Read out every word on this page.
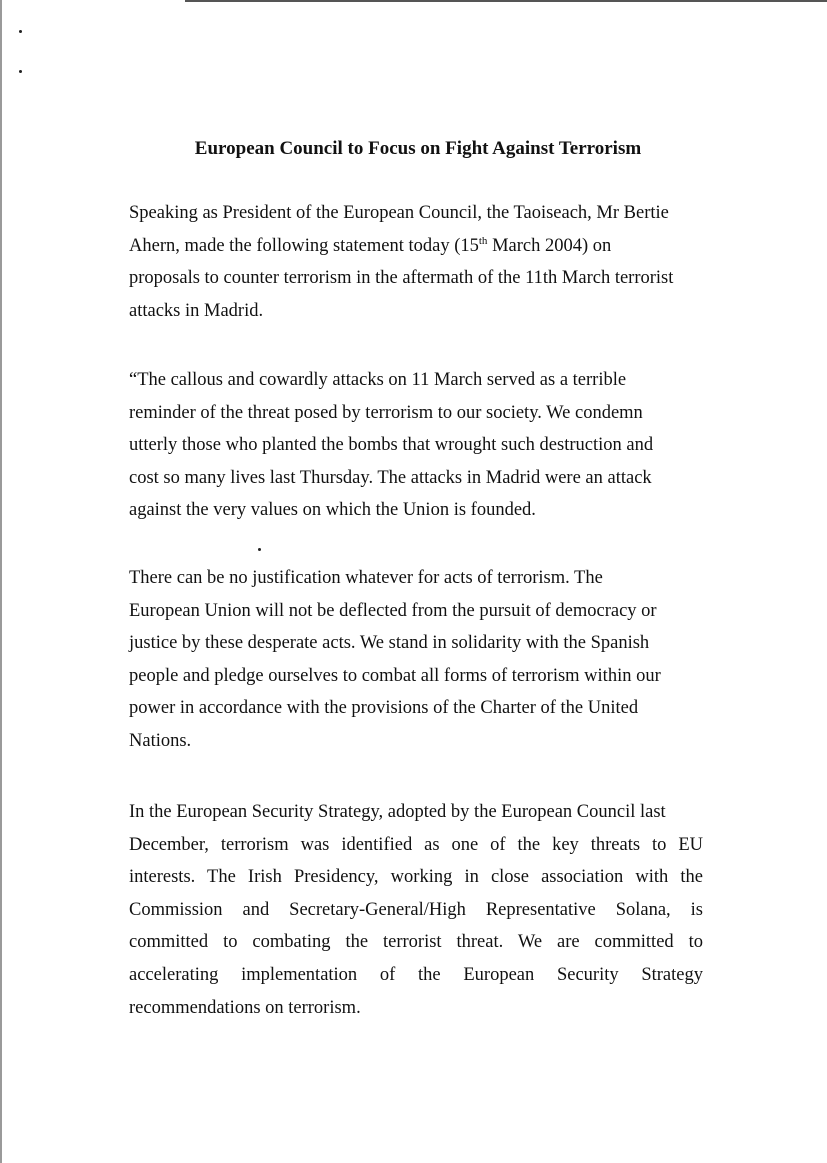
European Council to Focus on Fight Against Terrorism

Speaking as President of the European Council, the Taoiseach, Mr Bertie
Ahern, made the following statement today (15th March 2004) on
proposals to counter terrorism in the aftermath of the 11th March terrorist
attacks in Madrid.

“The callous and cowardly attacks on 11 March served as a terrible
reminder of the threat posed by terrorism to our society. We condemn
utterly those who planted the bombs that wrought such destruction and
cost so many lives last Thursday. The attacks in Madrid were an attack
against the very values on which the Union is founded.

There can be no justification whatever for acts of terrorism. The
European Union will not be deflected from the pursuit of democracy or
justice by these desperate acts. We stand in solidarity with the Spanish
people and pledge ourselves to combat all forms of terrorism within our
power in accordance with the provisions of the Charter of the United
Nations.

In the European Security Strategy, adopted by the European Council last
December, terrorism was identified as one of the key threats to EU
interests. The Irish Presidency, working in close association with the
Commission and Secretary-General/High Representative Solana, is
committed to combating the terrorist threat. We are committed to
accelerating implementation of the European Security Strategy
recommendations on terrorism.
